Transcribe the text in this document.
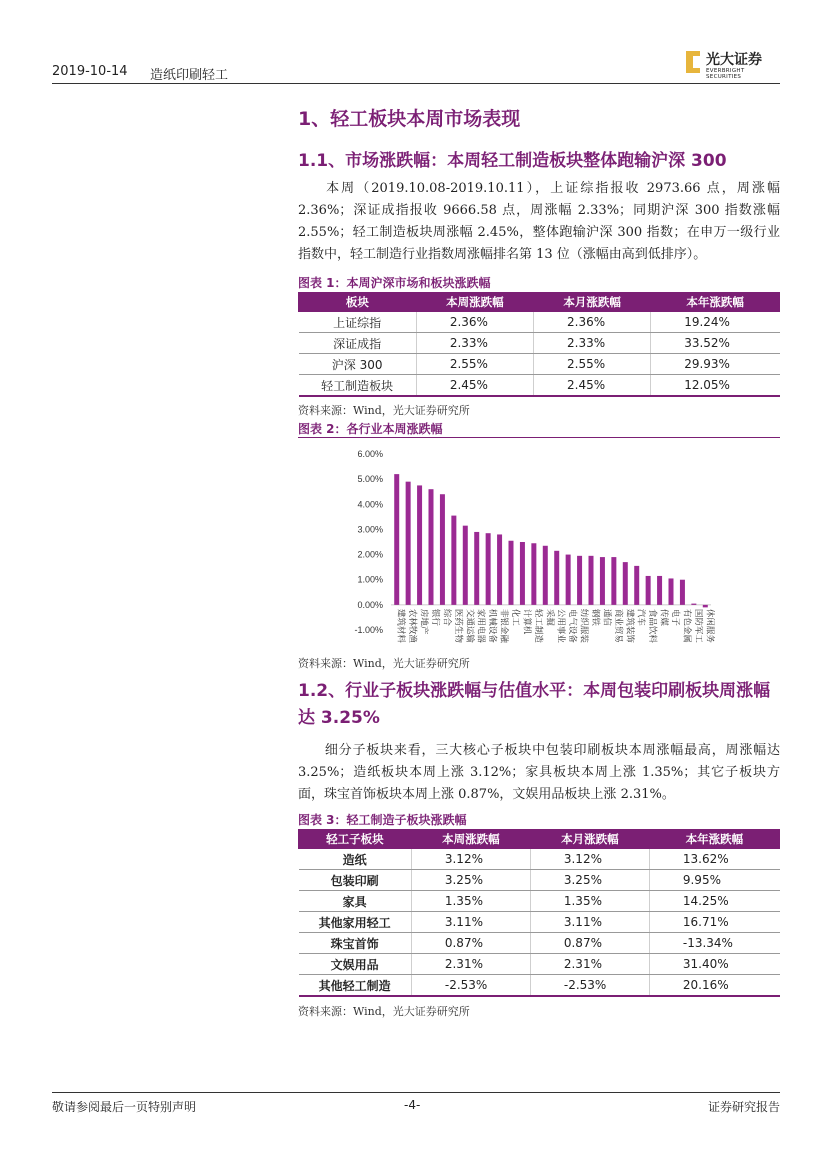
2019-10-14 造纸印刷轻工
光大证券
EVERBRIGHT SECURITIES
1、轻工板块本周市场表现
1.1、市场涨跌幅：本周轻工制造板块整体跑输沪深 300
本周（2019.10.08-2019.10.11），上证综指报收 2973.66 点，周涨幅 2.36%；深证成指报收 9666.58 点，周涨幅 2.33%；同期沪深 300 指数涨幅 2.55%；轻工制造板块周涨幅 2.45%，整体跑输沪深 300 指数；在申万一级行业指数中，轻工制造行业指数周涨幅排名第 13 位（涨幅由高到低排序）。
图表 1：本周沪深市场和板块涨跌幅
板块	本周涨跌幅	本月涨跌幅	本年涨跌幅
上证综指	2.36%	2.36%	19.24%
深证成指	2.33%	2.33%	33.52%
沪深 300	2.55%	2.55%	29.93%
轻工制造板块	2.45%	2.45%	12.05%
资料来源：Wind，光大证券研究所
图表 2：各行业本周涨跌幅
6.00%
5.00%
4.00%
3.00%
2.00%
1.00%
0.00%
-1.00% 建筑材料 农林牧渔 房地产 银行 综合 医药生物 交通运输 家用电器 机械设备 非银金融 化工 计算机 轻工制造 采掘 公用事业 电气设备 纺织服装 钢铁 通信 商业贸易 建筑装饰 汽车 食品饮料 传媒 电子 有色金属 国防军工 休闲服务
资料来源：Wind，光大证券研究所
1.2、行业子板块涨跌幅与估值水平：本周包装印刷板块周涨幅达 3.25%
细分子板块来看，三大核心子板块中包装印刷板块本周涨幅最高，周涨幅达 3.25%；造纸板块本周上涨 3.12%；家具板块本周上涨 1.35%；其它子板块方面，珠宝首饰板块本周上涨 0.87%，文娱用品板块上涨 2.31%。
图表 3：轻工制造子板块涨跌幅
轻工子板块	本周涨跌幅	本月涨跌幅	本年涨跌幅
造纸	3.12%	3.12%	13.62%
包装印刷	3.25%	3.25%	9.95%
家具	1.35%	1.35%	14.25%
其他家用轻工	3.11%	3.11%	16.71%
珠宝首饰	0.87%	0.87%	-13.34%
文娱用品	2.31%	2.31%	31.40%
其他轻工制造	-2.53%	-2.53%	20.16%
资料来源：Wind，光大证券研究所
敬请参阅最后一页特别声明	-4-	证券研究报告
